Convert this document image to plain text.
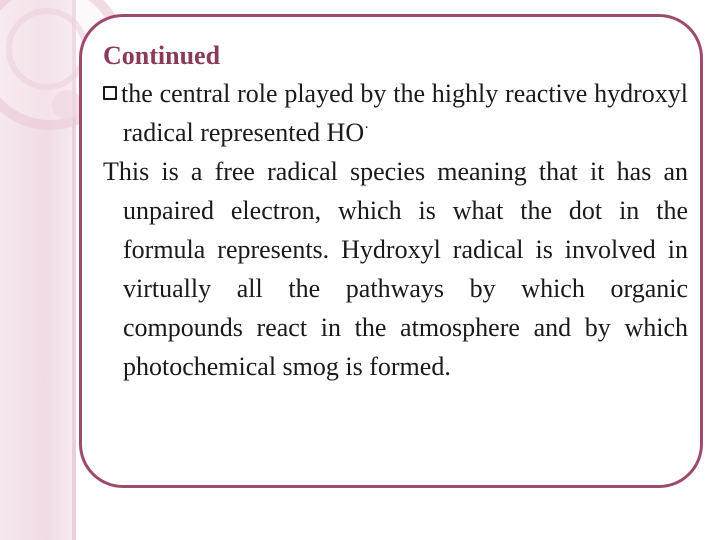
Continued

the central role played by the highly reactive hydroxyl radical represented HO·

This is a free radical species meaning that it has an unpaired electron, which is what the dot in the formula represents. Hydroxyl radical is involved in virtually all the pathways by which organic compounds react in the atmosphere and by which photochemical smog is formed.
